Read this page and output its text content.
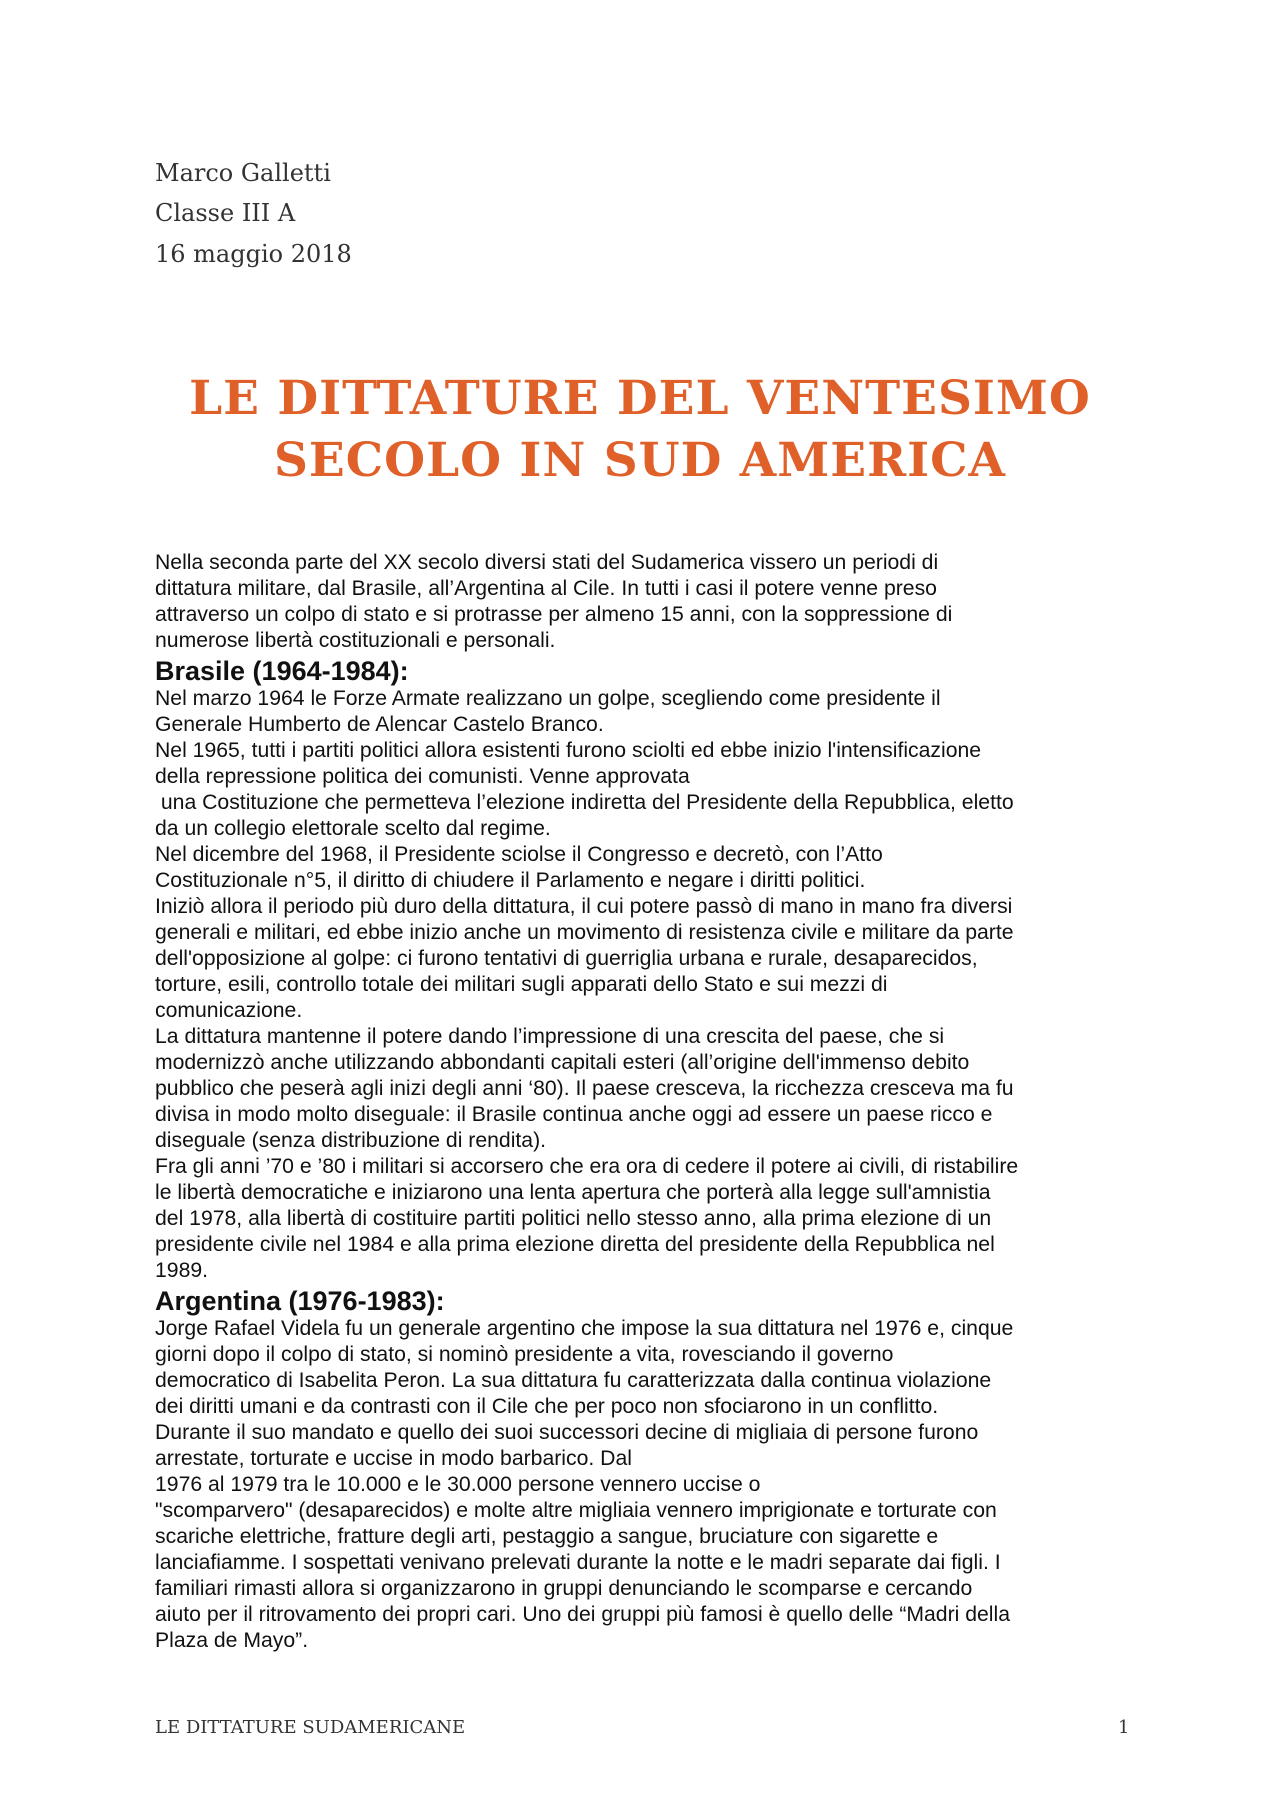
Marco Galletti
Classe III A
16 maggio 2018
LE DITTATURE DEL VENTESIMO
SECOLO IN SUD AMERICA

Nella seconda parte del XX secolo diversi stati del Sudamerica vissero un periodi di

dittatura militare, dal Brasile, all’Argentina al Cile. In tutti i casi il potere venne preso

attraverso un colpo di stato e si protrasse per almeno 15 anni, con la soppressione di

numerose libertà costituzionali e personali.

Brasile (1964-1984):

Nel marzo 1964 le Forze Armate realizzano un golpe, scegliendo come presidente il

Generale Humberto de Alencar Castelo Branco.

Nel 1965, tutti i partiti politici allora esistenti furono sciolti ed ebbe inizio l'intensificazione

della repressione politica dei comunisti. Venne approvata

una Costituzione che permetteva l’elezione indiretta del Presidente della Repubblica, eletto

da un collegio elettorale scelto dal regime.

Nel dicembre del 1968, il Presidente sciolse il Congresso e decretò, con l’Atto

Costituzionale n°5, il diritto di chiudere il Parlamento e negare i diritti politici.

Iniziò allora il periodo più duro della dittatura, il cui potere passò di mano in mano fra diversi

generali e militari, ed ebbe inizio anche un movimento di resistenza civile e militare da parte

dell'opposizione al golpe: ci furono tentativi di guerriglia urbana e rurale, desaparecidos,

torture, esili, controllo totale dei militari sugli apparati dello Stato e sui mezzi di

comunicazione.

La dittatura mantenne il potere dando l’impressione di una crescita del paese, che si

modernizzò anche utilizzando abbondanti capitali esteri (all’origine dell'immenso debito

pubblico che peserà agli inizi degli anni ‘80). Il paese cresceva, la ricchezza cresceva ma fu

divisa in modo molto diseguale: il Brasile continua anche oggi ad essere un paese ricco e

diseguale (senza distribuzione di rendita).

Fra gli anni ’70 e ’80 i militari si accorsero che era ora di cedere il potere ai civili, di ristabilire

le libertà democratiche e iniziarono una lenta apertura che porterà alla legge sull'amnistia

del 1978, alla libertà di costituire partiti politici nello stesso anno, alla prima elezione di un

presidente civile nel 1984 e alla prima elezione diretta del presidente della Repubblica nel

1989.

Argentina (1976-1983):

Jorge Rafael Videla fu un generale argentino che impose la sua dittatura nel 1976 e, cinque

giorni dopo il colpo di stato, si nominò presidente a vita, rovesciando il governo

democratico di Isabelita Peron. La sua dittatura fu caratterizzata dalla continua violazione

dei diritti umani e da contrasti con il Cile che per poco non sfociarono in un conflitto.

Durante il suo mandato e quello dei suoi successori decine di migliaia di persone furono

arrestate, torturate e uccise in modo barbarico. Dal

1976 al 1979 tra le 10.000 e le 30.000 persone vennero uccise o

"scomparvero" (desaparecidos) e molte altre migliaia vennero imprigionate e torturate con

scariche elettriche, fratture degli arti, pestaggio a sangue, bruciature con sigarette e

lanciafiamme. I sospettati venivano prelevati durante la notte e le madri separate dai figli. I

familiari rimasti allora si organizzarono in gruppi denunciando le scomparse e cercando

aiuto per il ritrovamento dei propri cari. Uno dei gruppi più famosi è quello delle “Madri della

Plaza de Mayo”.

LE DITTATURE SUDAMERICANE	1
